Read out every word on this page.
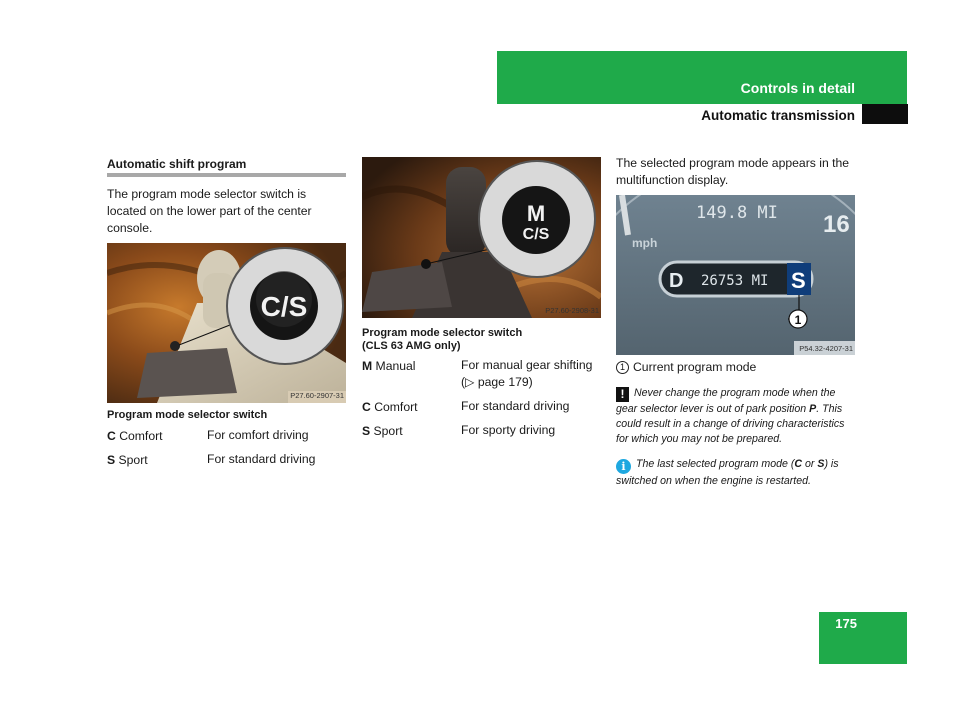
Controls in detail
Automatic transmission
Automatic shift program
The program mode selector switch is located on the lower part of the center console.
C/S
P27.60-2907-31
Program mode selector switch
C Comfort	For comfort driving
S Sport	For standard driving
M
C/S
P27.60-2908-31
Program mode selector switch
(CLS 63 AMG only)
M Manual	For manual gear shifting
(▷ page 179)
C Comfort	For standard driving
S Sport	For sporty driving
The selected program mode appears in the multifunction display.
149.8 MI
mph
16
D 26753 MI S
1
P54.32-4207-31
1 Current program mode
! Never change the program mode when the gear selector lever is out of park position P. This could result in a change of driving characteristics for which you may not be prepared.
i The last selected program mode (C or S) is switched on when the engine is restarted.
175
